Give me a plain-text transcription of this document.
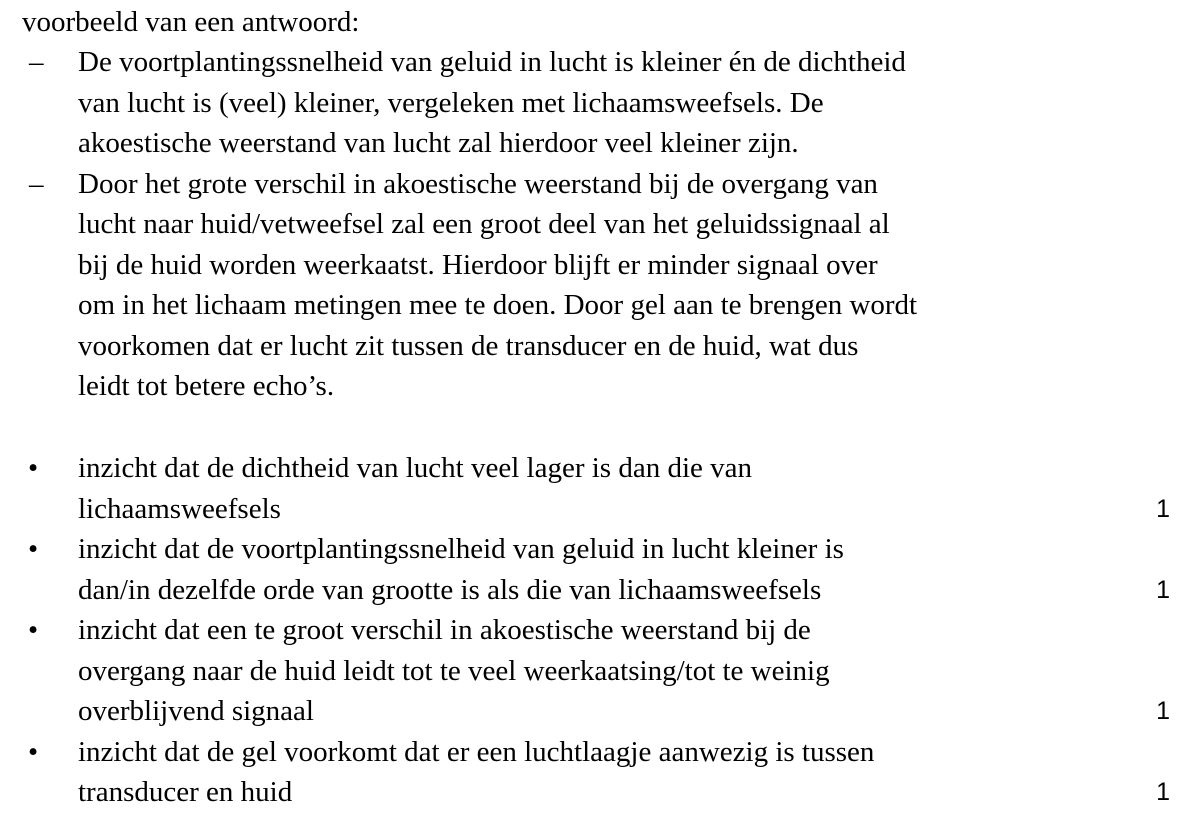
voorbeeld van een antwoord:
– De voortplantingssnelheid van geluid in lucht is kleiner én de dichtheid
van lucht is (veel) kleiner, vergeleken met lichaamsweefsels. De
akoestische weerstand van lucht zal hierdoor veel kleiner zijn.
– Door het grote verschil in akoestische weerstand bij de overgang van
lucht naar huid/vetweefsel zal een groot deel van het geluidssignaal al
bij de huid worden weerkaatst. Hierdoor blijft er minder signaal over
om in het lichaam metingen mee te doen. Door gel aan te brengen wordt
voorkomen dat er lucht zit tussen de transducer en de huid, wat dus
leidt tot betere echo’s.
• inzicht dat de dichtheid van lucht veel lager is dan die van
lichaamsweefsels	1
• inzicht dat de voortplantingssnelheid van geluid in lucht kleiner is
dan/in dezelfde orde van grootte is als die van lichaamsweefsels	1
• inzicht dat een te groot verschil in akoestische weerstand bij de
overgang naar de huid leidt tot te veel weerkaatsing/tot te weinig
overblijvend signaal	1
• inzicht dat de gel voorkomt dat er een luchtlaagje aanwezig is tussen
transducer en huid	1
